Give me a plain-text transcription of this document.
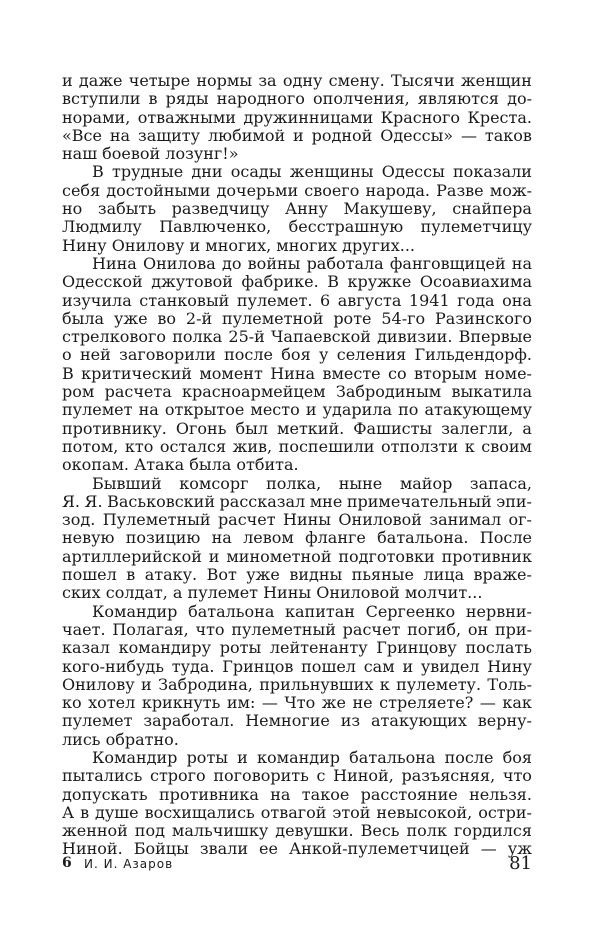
и даже четыре нормы за одну смену. Тысячи женщин
вступили в ряды народного ополчения, являются до-
норами, отважными дружинницами Красного Креста.
«Все на защиту любимой и родной Одессы» — таков
наш боевой лозунг!»
В трудные дни осады женщины Одессы показали
себя достойными дочерьми своего народа. Разве мож-
но забыть разведчицу Анну Макушеву, снайпера
Людмилу Павлюченко, бесстрашную пулеметчицу
Нину Онилову и многих, многих других...
Нина Онилова до войны работала фанговщицей на
Одесской джутовой фабрике. В кружке Осоавиахима
изучила станковый пулемет. 6 августа 1941 года она
была уже во 2-й пулеметной роте 54-го Разинского
стрелкового полка 25-й Чапаевской дивизии. Впервые
о ней заговорили после боя у селения Гильдендорф.
В критический момент Нина вместе со вторым номе-
ром расчета красноармейцем Забродиным выкатила
пулемет на открытое место и ударила по атакующему
противнику. Огонь был меткий. Фашисты залегли, а
потом, кто остался жив, поспешили отползти к своим
окопам. Атака была отбита.
Бывший комсорг полка, ныне майор запаса,
Я. Я. Васьковский рассказал мне примечательный эпи-
зод. Пулеметный расчет Нины Ониловой занимал ог-
невую позицию на левом фланге батальона. После
артиллерийской и минометной подготовки противник
пошел в атаку. Вот уже видны пьяные лица враже-
ских солдат, а пулемет Нины Ониловой молчит...
Командир батальона капитан Сергеенко нервни-
чает. Полагая, что пулеметный расчет погиб, он при-
казал командиру роты лейтенанту Гринцову послать
кого-нибудь туда. Гринцов пошел сам и увидел Нину
Онилову и Забродина, прильнувших к пулемету. Толь-
ко хотел крикнуть им: — Что же не стреляете? — как
пулемет заработал. Немногие из атакующих верну-
лись обратно.
Командир роты и командир батальона после боя
пытались строго поговорить с Ниной, разъясняя, что
допускать противника на такое расстояние нельзя.
А в душе восхищались отвагой этой невысокой, остри-
женной под мальчишку девушки. Весь полк гордился
Ниной. Бойцы звали ее Анкой-пулеметчицей — уж
6 И. И. Азаров	81
